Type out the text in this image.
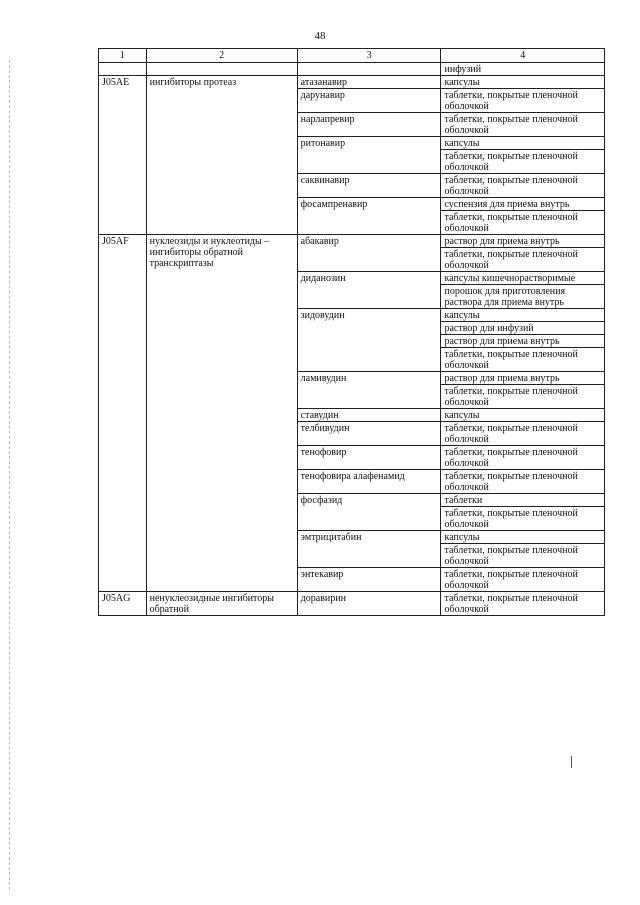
48
1	2	3	4
			инфузий
J05AE	ингибиторы протеаз	атазанавир	капсулы
		дарунавир	таблетки, покрытые пленочной оболочкой
		нарлапревир	таблетки, покрытые пленочной оболочкой
		ритонавир	капсулы
			таблетки, покрытые пленочной оболочкой
		саквинавир	таблетки, покрытые пленочной оболочкой
		фосампренавир	суспензия для приема внутрь
			таблетки, покрытые пленочной оболочкой
J05AF	нуклеозиды и нуклеотиды – ингибиторы обратной транскриптазы	абакавир	раствор для приема внутрь
			таблетки, покрытые пленочной оболочкой
		диданозин	капсулы кишечнорастворимые
			порошок для приготовления раствора для приема внутрь
		зидовудин	капсулы
			раствор для инфузий
			раствор для приема внутрь
			таблетки, покрытые пленочной оболочкой
		ламивудин	раствор для приема внутрь
			таблетки, покрытые пленочной оболочкой
		ставудин	капсулы
		телбивудин	таблетки, покрытые пленочной оболочкой
		тенофовир	таблетки, покрытые пленочной оболочкой
		тенофовира алафенамид	таблетки, покрытые пленочной оболочкой
		фосфазид	таблетки
			таблетки, покрытые пленочной оболочкой
		эмтрицитабин	капсулы
			таблетки, покрытые пленочной оболочкой
		энтекавир	таблетки, покрытые пленочной оболочкой
J05AG	ненуклеозидные ингибиторы обратной	доравирин	таблетки, покрытые пленочной оболочкой
